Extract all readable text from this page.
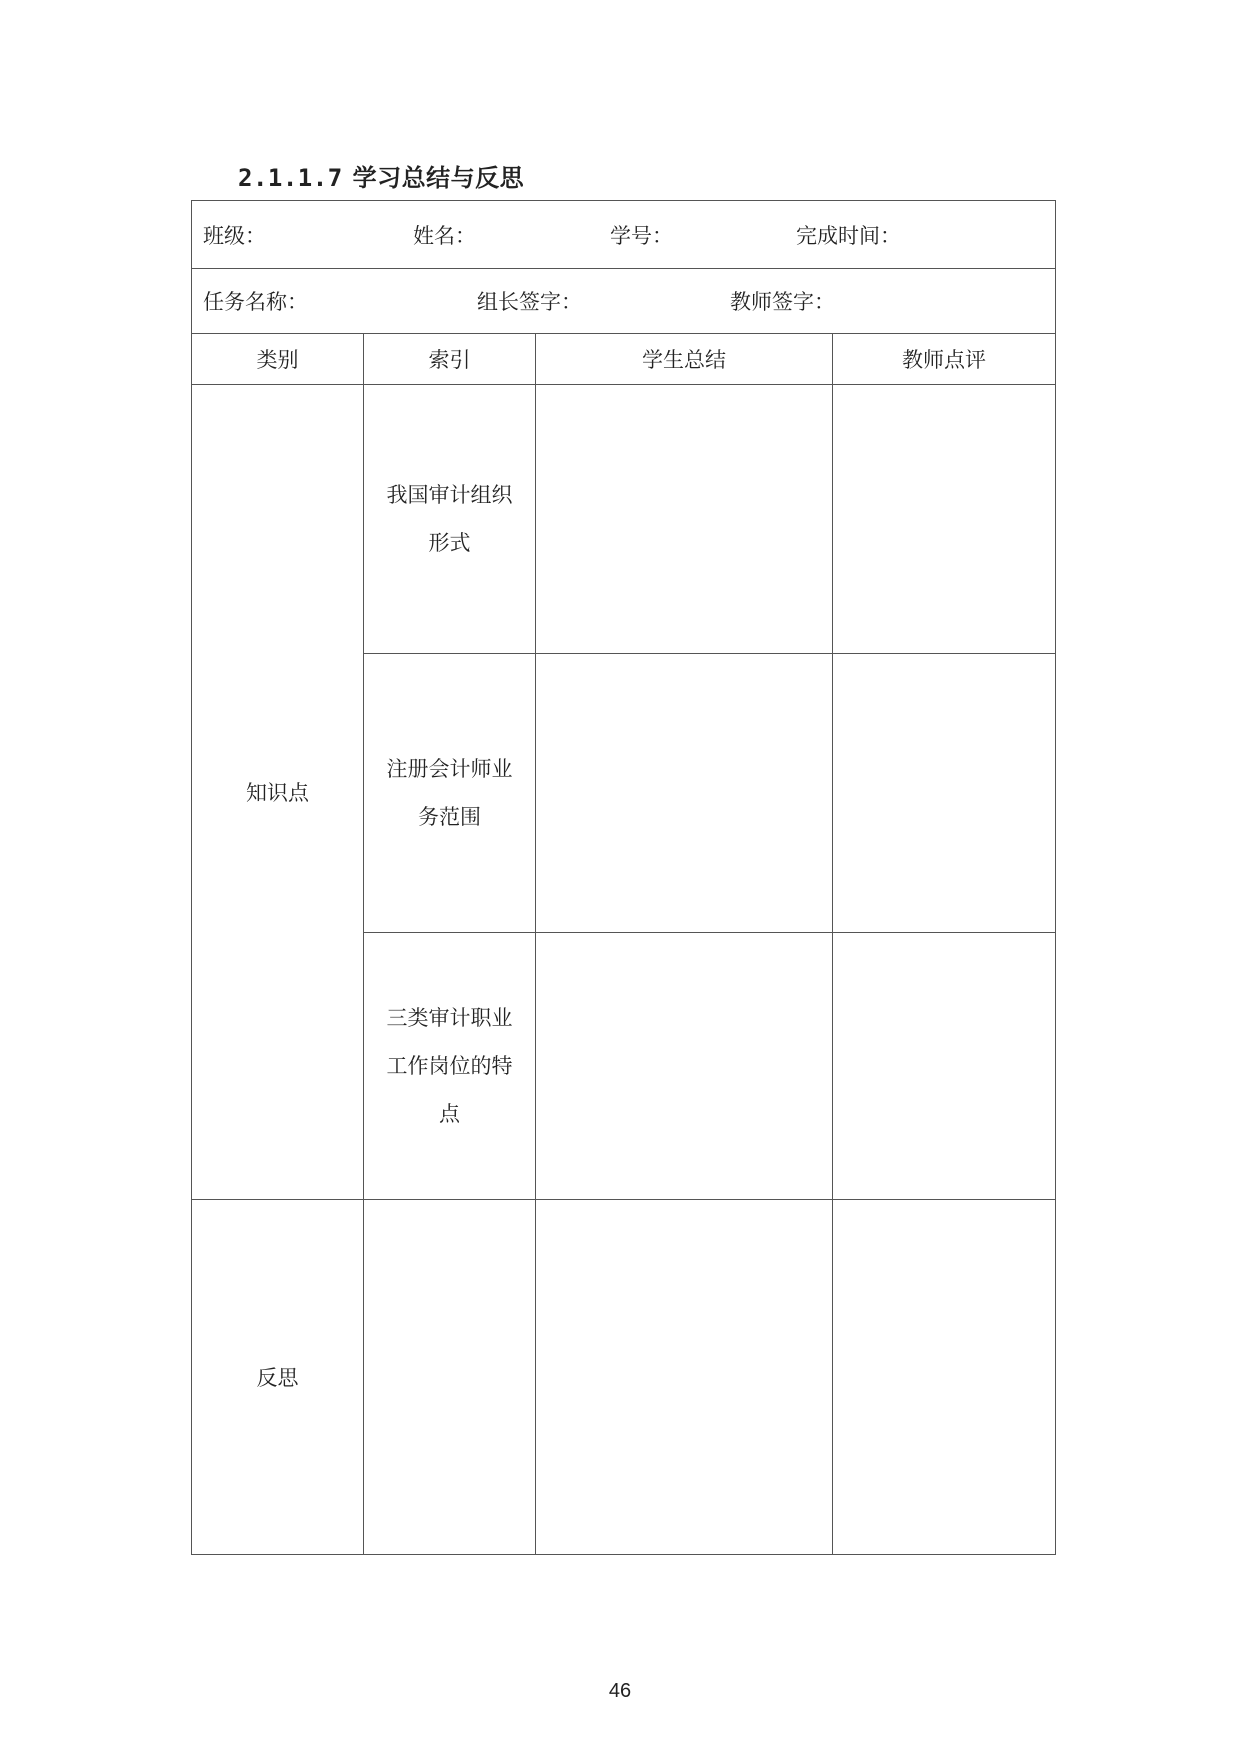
2.1.1.7 学习总结与反思
班级： 姓名： 学号： 完成时间：			

任务名称： 组长签字： 教师签字：			

类别	索引	学生总结	教师点评
知识点	我国审计组织
形式		

	注册会计师业
务范围		

	三类审计职业
工作岗位的特
点		

反思			
46
